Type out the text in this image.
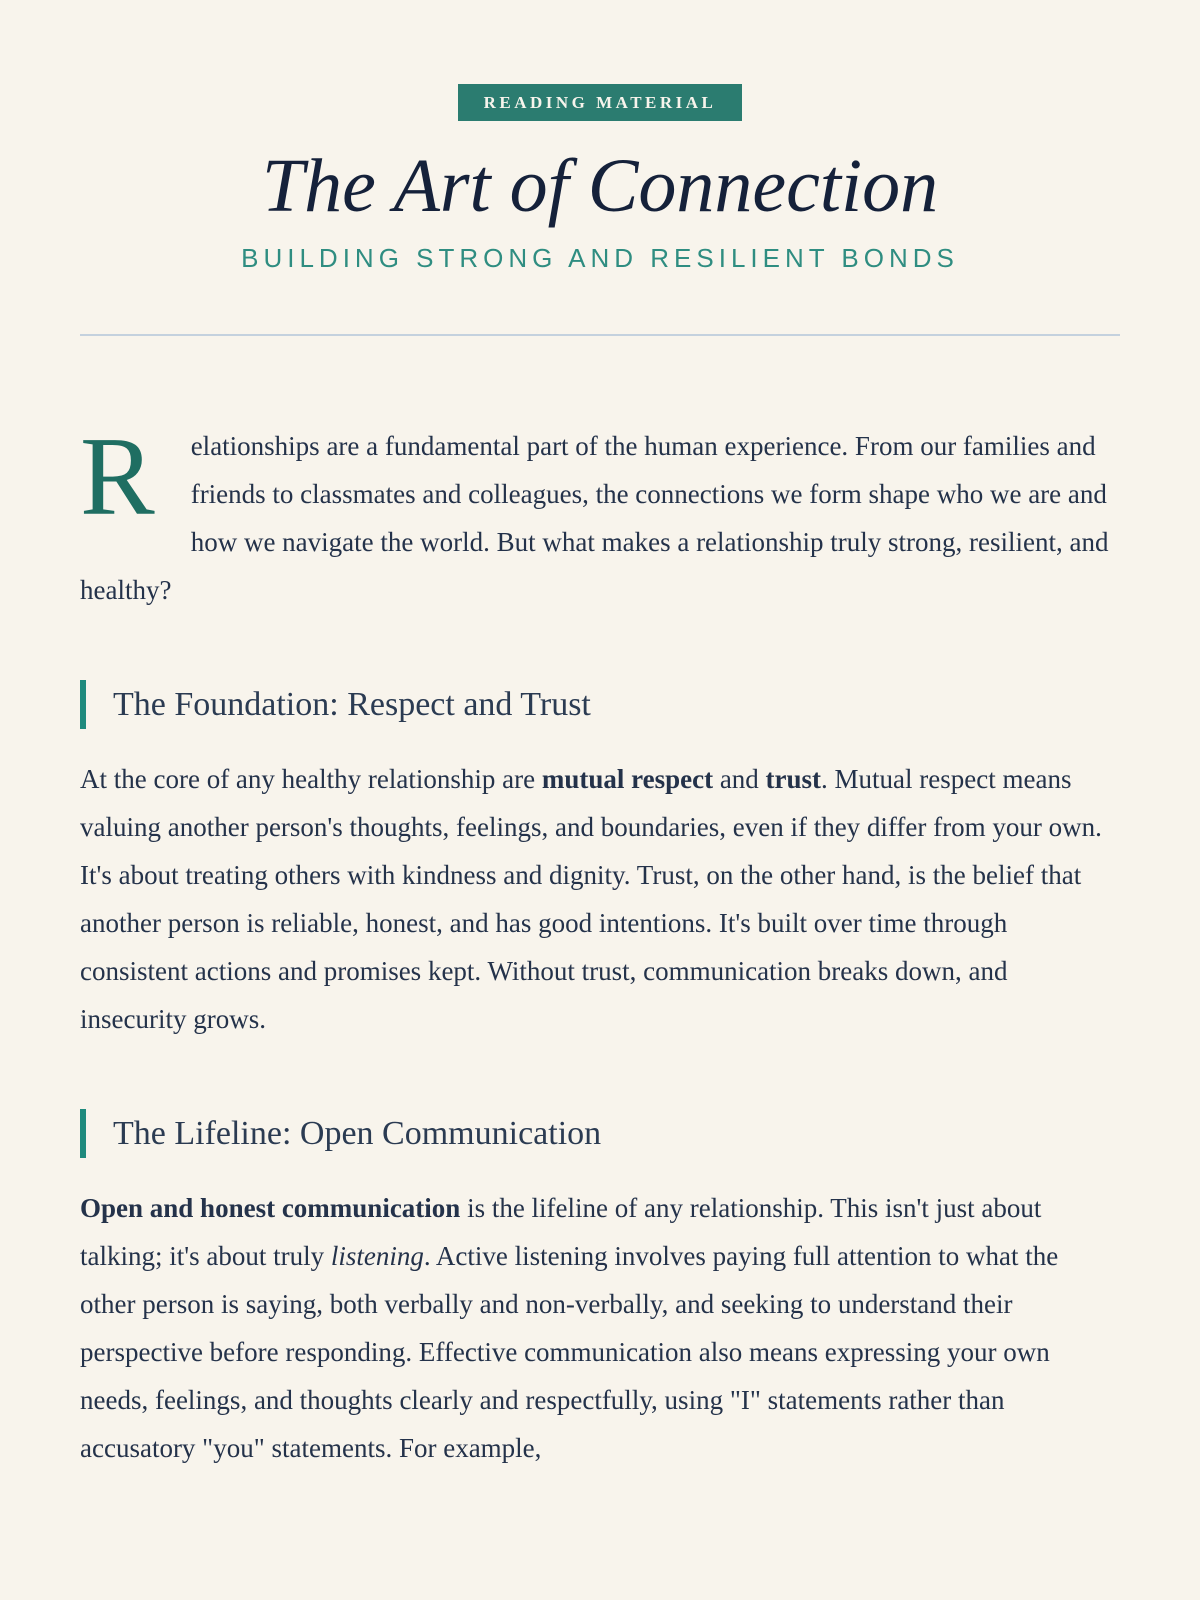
READING MATERIAL
The Art of Connection
BUILDING STRONG AND RESILIENT BONDS

R	elationships are a fundamental part of the human experience. From our families and friends to classmates and colleagues, the connections we form shape who we are and how we navigate the world. But what makes a relationship truly strong, resilient, and healthy?

The Foundation: Respect and Trust

At the core of any healthy relationship are mutual respect and trust. Mutual respect means valuing another person's thoughts, feelings, and boundaries, even if they differ from your own. It's about treating others with kindness and dignity. Trust, on the other hand, is the belief that another person is reliable, honest, and has good intentions. It's built over time through consistent actions and promises kept. Without trust, communication breaks down, and insecurity grows.

The Lifeline: Open Communication

Open and honest communication is the lifeline of any relationship. This isn't just about talking; it's about truly listening. Active listening involves paying full attention to what the other person is saying, both verbally and non-verbally, and seeking to understand their perspective before responding. Effective communication also means expressing your own needs, feelings, and thoughts clearly and respectfully, using "I" statements rather than accusatory "you" statements. For example,
